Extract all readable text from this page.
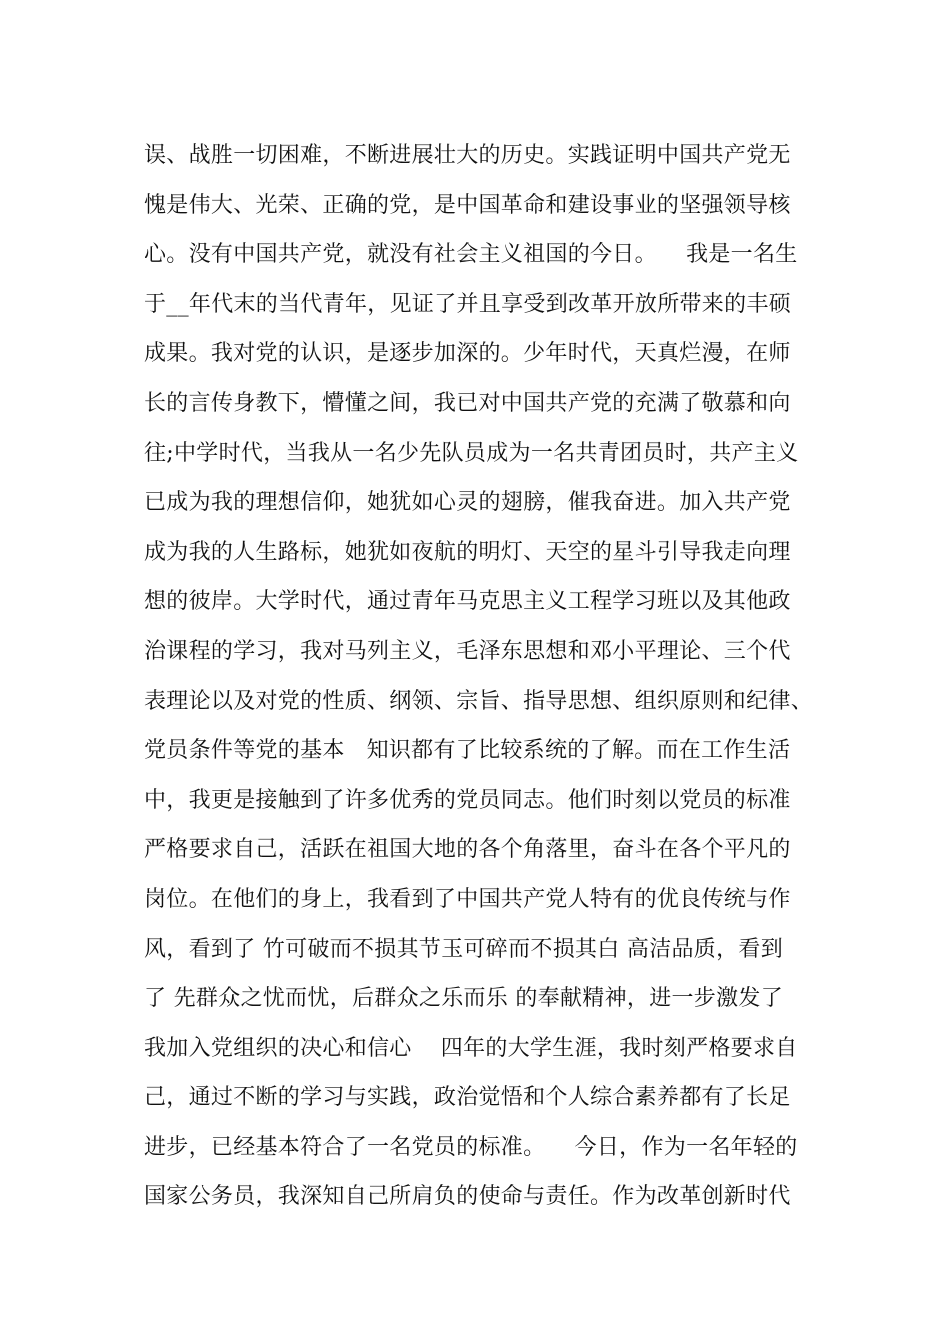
误、战胜一切困难，不断进展壮大的历史。实践证明中国共产党无
愧是伟大、光荣、正确的党，是中国革命和建设事业的坚强领导核
心。没有中国共产党，就没有社会主义祖国的今日。    我是一名生
于__年代末的当代青年，见证了并且享受到改革开放所带来的丰硕
成果。我对党的认识，是逐步加深的。少年时代，天真烂漫，在师
长的言传身教下，懵懂之间，我已对中国共产党的充满了敬慕和向
往;中学时代，当我从一名少先队员成为一名共青团员时，共产主义
已成为我的理想信仰，她犹如心灵的翅膀，催我奋进。加入共产党
成为我的人生路标，她犹如夜航的明灯、天空的星斗引导我走向理
想的彼岸。大学时代，通过青年马克思主义工程学习班以及其他政
治课程的学习，我对马列主义，毛泽东思想和邓小平理论、三个代
表理论以及对党的性质、纲领、宗旨、指导思想、组织原则和纪律、
党员条件等党的基本   知识都有了比较系统的了解。而在工作生活
中，我更是接触到了许多优秀的党员同志。他们时刻以党员的标准
严格要求自己，活跃在祖国大地的各个角落里，奋斗在各个平凡的
岗位。在他们的身上，我看到了中国共产党人特有的优良传统与作
风，看到了 竹可破而不损其节玉可碎而不损其白 高洁品质，看到
了 先群众之忧而忧，后群众之乐而乐 的奉献精神，进一步激发了
我加入党组织的决心和信心    四年的大学生涯，我时刻严格要求自
己，通过不断的学习与实践，政治觉悟和个人综合素养都有了长足
进步，已经基本符合了一名党员的标准。    今日，作为一名年轻的
国家公务员，我深知自己所肩负的使命与责任。作为改革创新时代
